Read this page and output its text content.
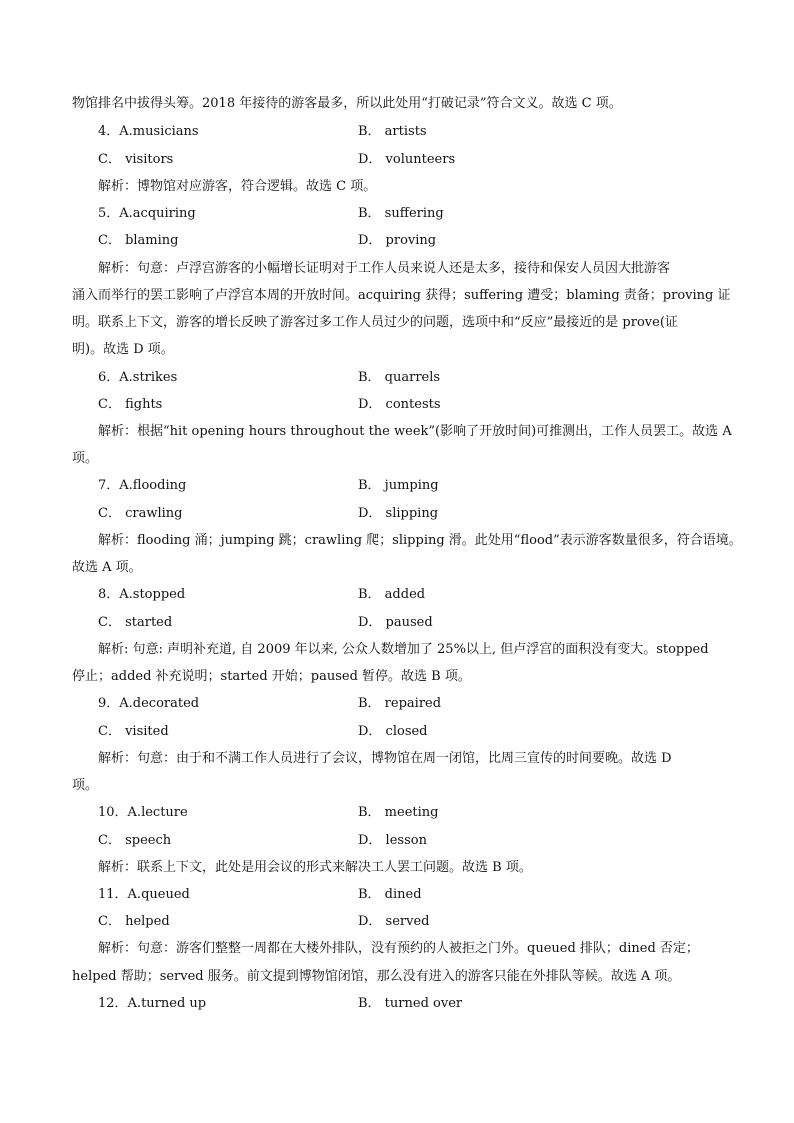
物馆排名中拔得头筹。2018 年接待的游客最多，所以此处用“打破记录”符合文义。故选 C 项。
4．A.musicians	B． artists
C． visitors	D． volunteers
解析：博物馆对应游客，符合逻辑。故选 C 项。
5．A.acquiring	B． suffering
C． blaming	D． proving
解析：句意：卢浮宫游客的小幅增长证明对于工作人员来说人还是太多，接待和保安人员因大批游客
涌入而举行的罢工影响了卢浮宫本周的开放时间。acquiring 获得；suffering 遭受；blaming 责备；proving 证
明。联系上下文，游客的增长反映了游客过多工作人员过少的问题，选项中和“反应”最接近的是 prove(证
明)。故选 D 项。
6．A.strikes	B． quarrels
C． fights	D． contests
解析：根据“hit opening hours throughout the week”(影响了开放时间)可推测出，工作人员罢工。故选 A
项。
7．A.flooding	B． jumping
C． crawling	D． slipping
解析：flooding 涌；jumping 跳；crawling 爬；slipping 滑。此处用“flood”表示游客数量很多，符合语境。
故选 A 项。
8．A.stopped	B． added
C． started	D． paused
解析: 句意: 声明补充道, 自 2009 年以来, 公众人数增加了 25%以上, 但卢浮宫的面积没有变大。stopped
停止；added 补充说明；started 开始；paused 暂停。故选 B 项。
9．A.decorated	B． repaired
C． visited	D． closed
解析：句意：由于和不满工作人员进行了会议，博物馆在周一闭馆，比周三宣传的时间要晚。故选 D
项。
10．A.lecture	B． meeting
C． speech	D． lesson
解析：联系上下文，此处是用会议的形式来解决工人罢工问题。故选 B 项。
11．A.queued	B． dined
C． helped	D． served
解析：句意：游客们整整一周都在大楼外排队，没有预约的人被拒之门外。queued 排队；dined 否定；
helped 帮助；served 服务。前文提到博物馆闭馆，那么没有进入的游客只能在外排队等候。故选 A 项。
12．A.turned up	B． turned over
